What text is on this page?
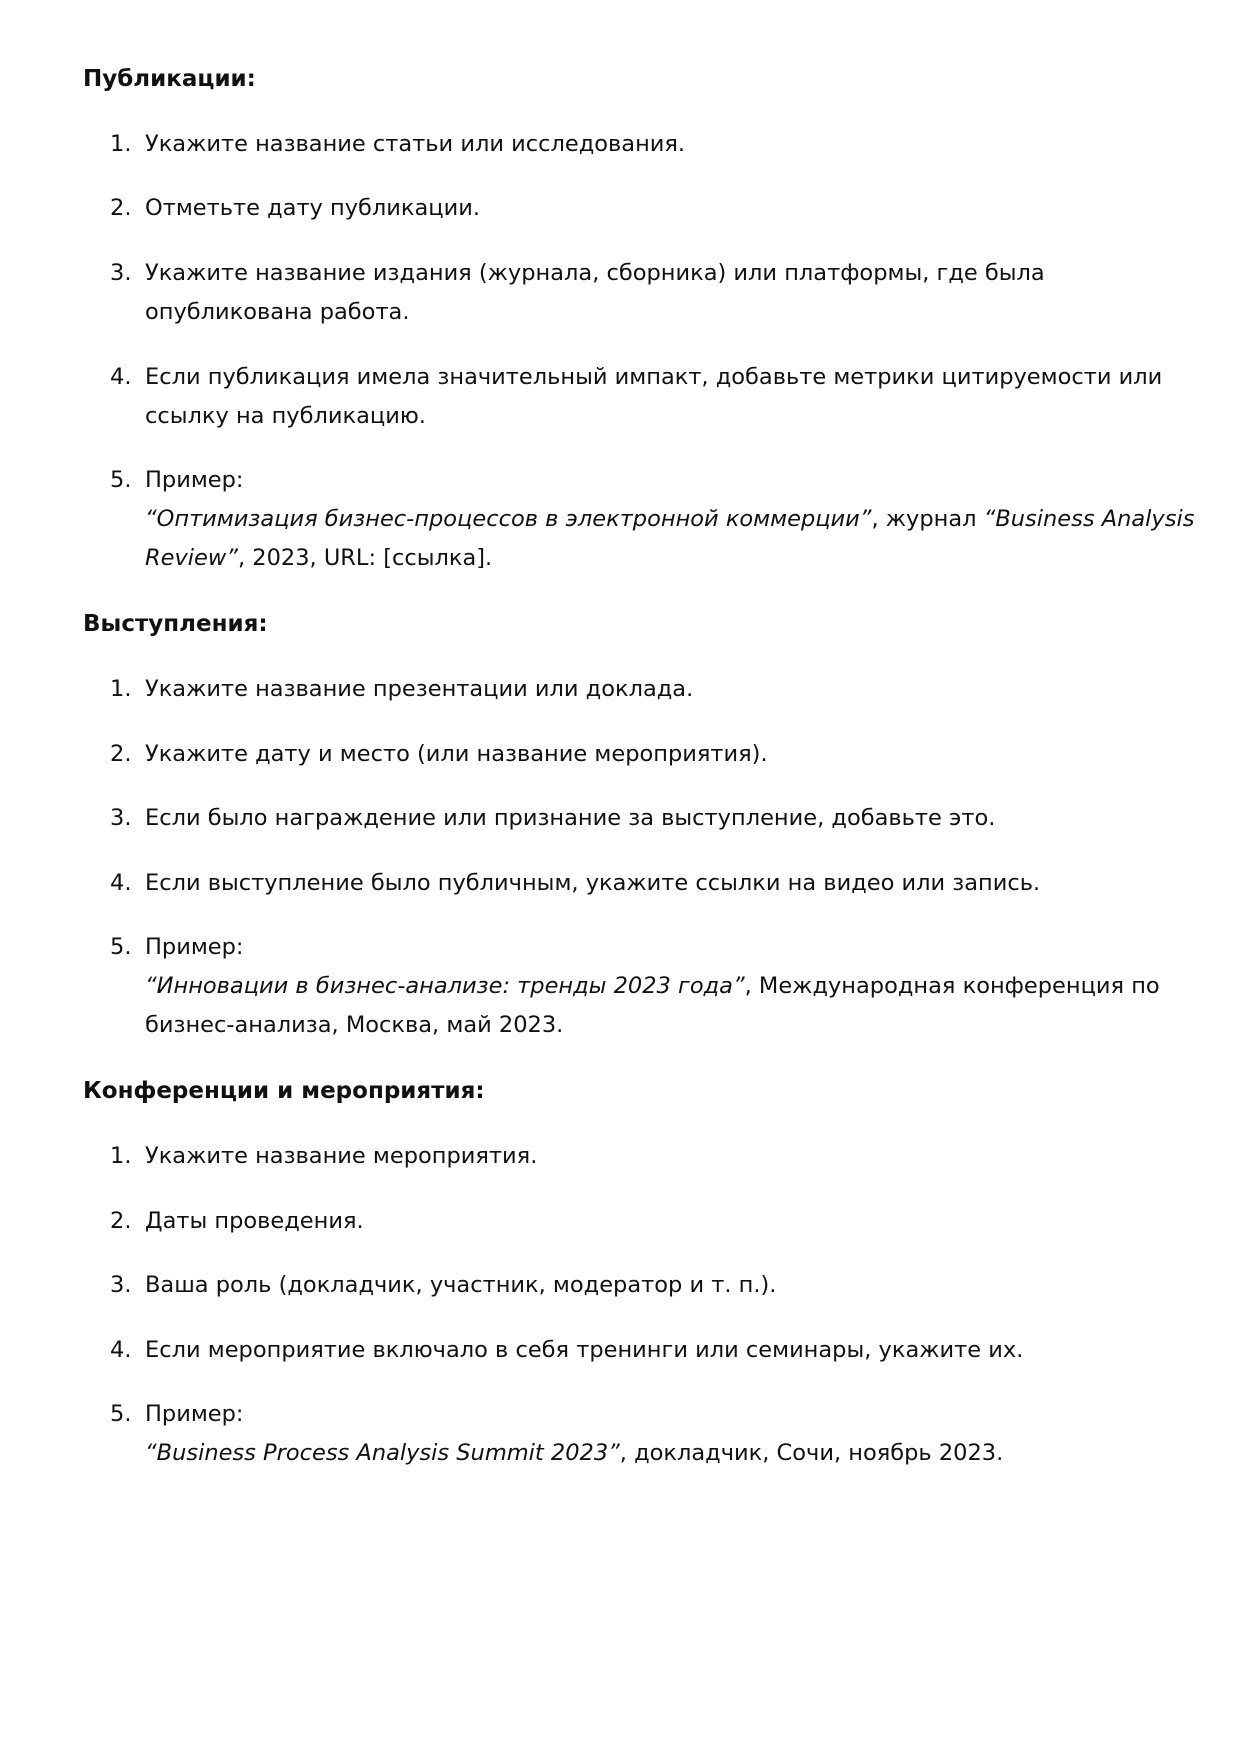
Публикации:
1. Укажите название статьи или исследования.
2. Отметьте дату публикации.
3. Укажите название издания (журнала, сборника) или платформы, где была
опубликована работа.
4. Если публикация имела значительный импакт, добавьте метрики цитируемости или
ссылку на публикацию.
5. Пример:
“Оптимизация бизнес-процессов в электронной коммерции”, журнал “Business Analysis
Review”, 2023, URL: [ссылка].
Выступления:
1. Укажите название презентации или доклада.
2. Укажите дату и место (или название мероприятия).
3. Если было награждение или признание за выступление, добавьте это.
4. Если выступление было публичным, укажите ссылки на видео или запись.
5. Пример:
“Инновации в бизнес-анализе: тренды 2023 года”, Международная конференция по
бизнес-анализа, Москва, май 2023.
Конференции и мероприятия:
1. Укажите название мероприятия.
2. Даты проведения.
3. Ваша роль (докладчик, участник, модератор и т. п.).
4. Если мероприятие включало в себя тренинги или семинары, укажите их.
5. Пример:
“Business Process Analysis Summit 2023”, докладчик, Сочи, ноябрь 2023.
